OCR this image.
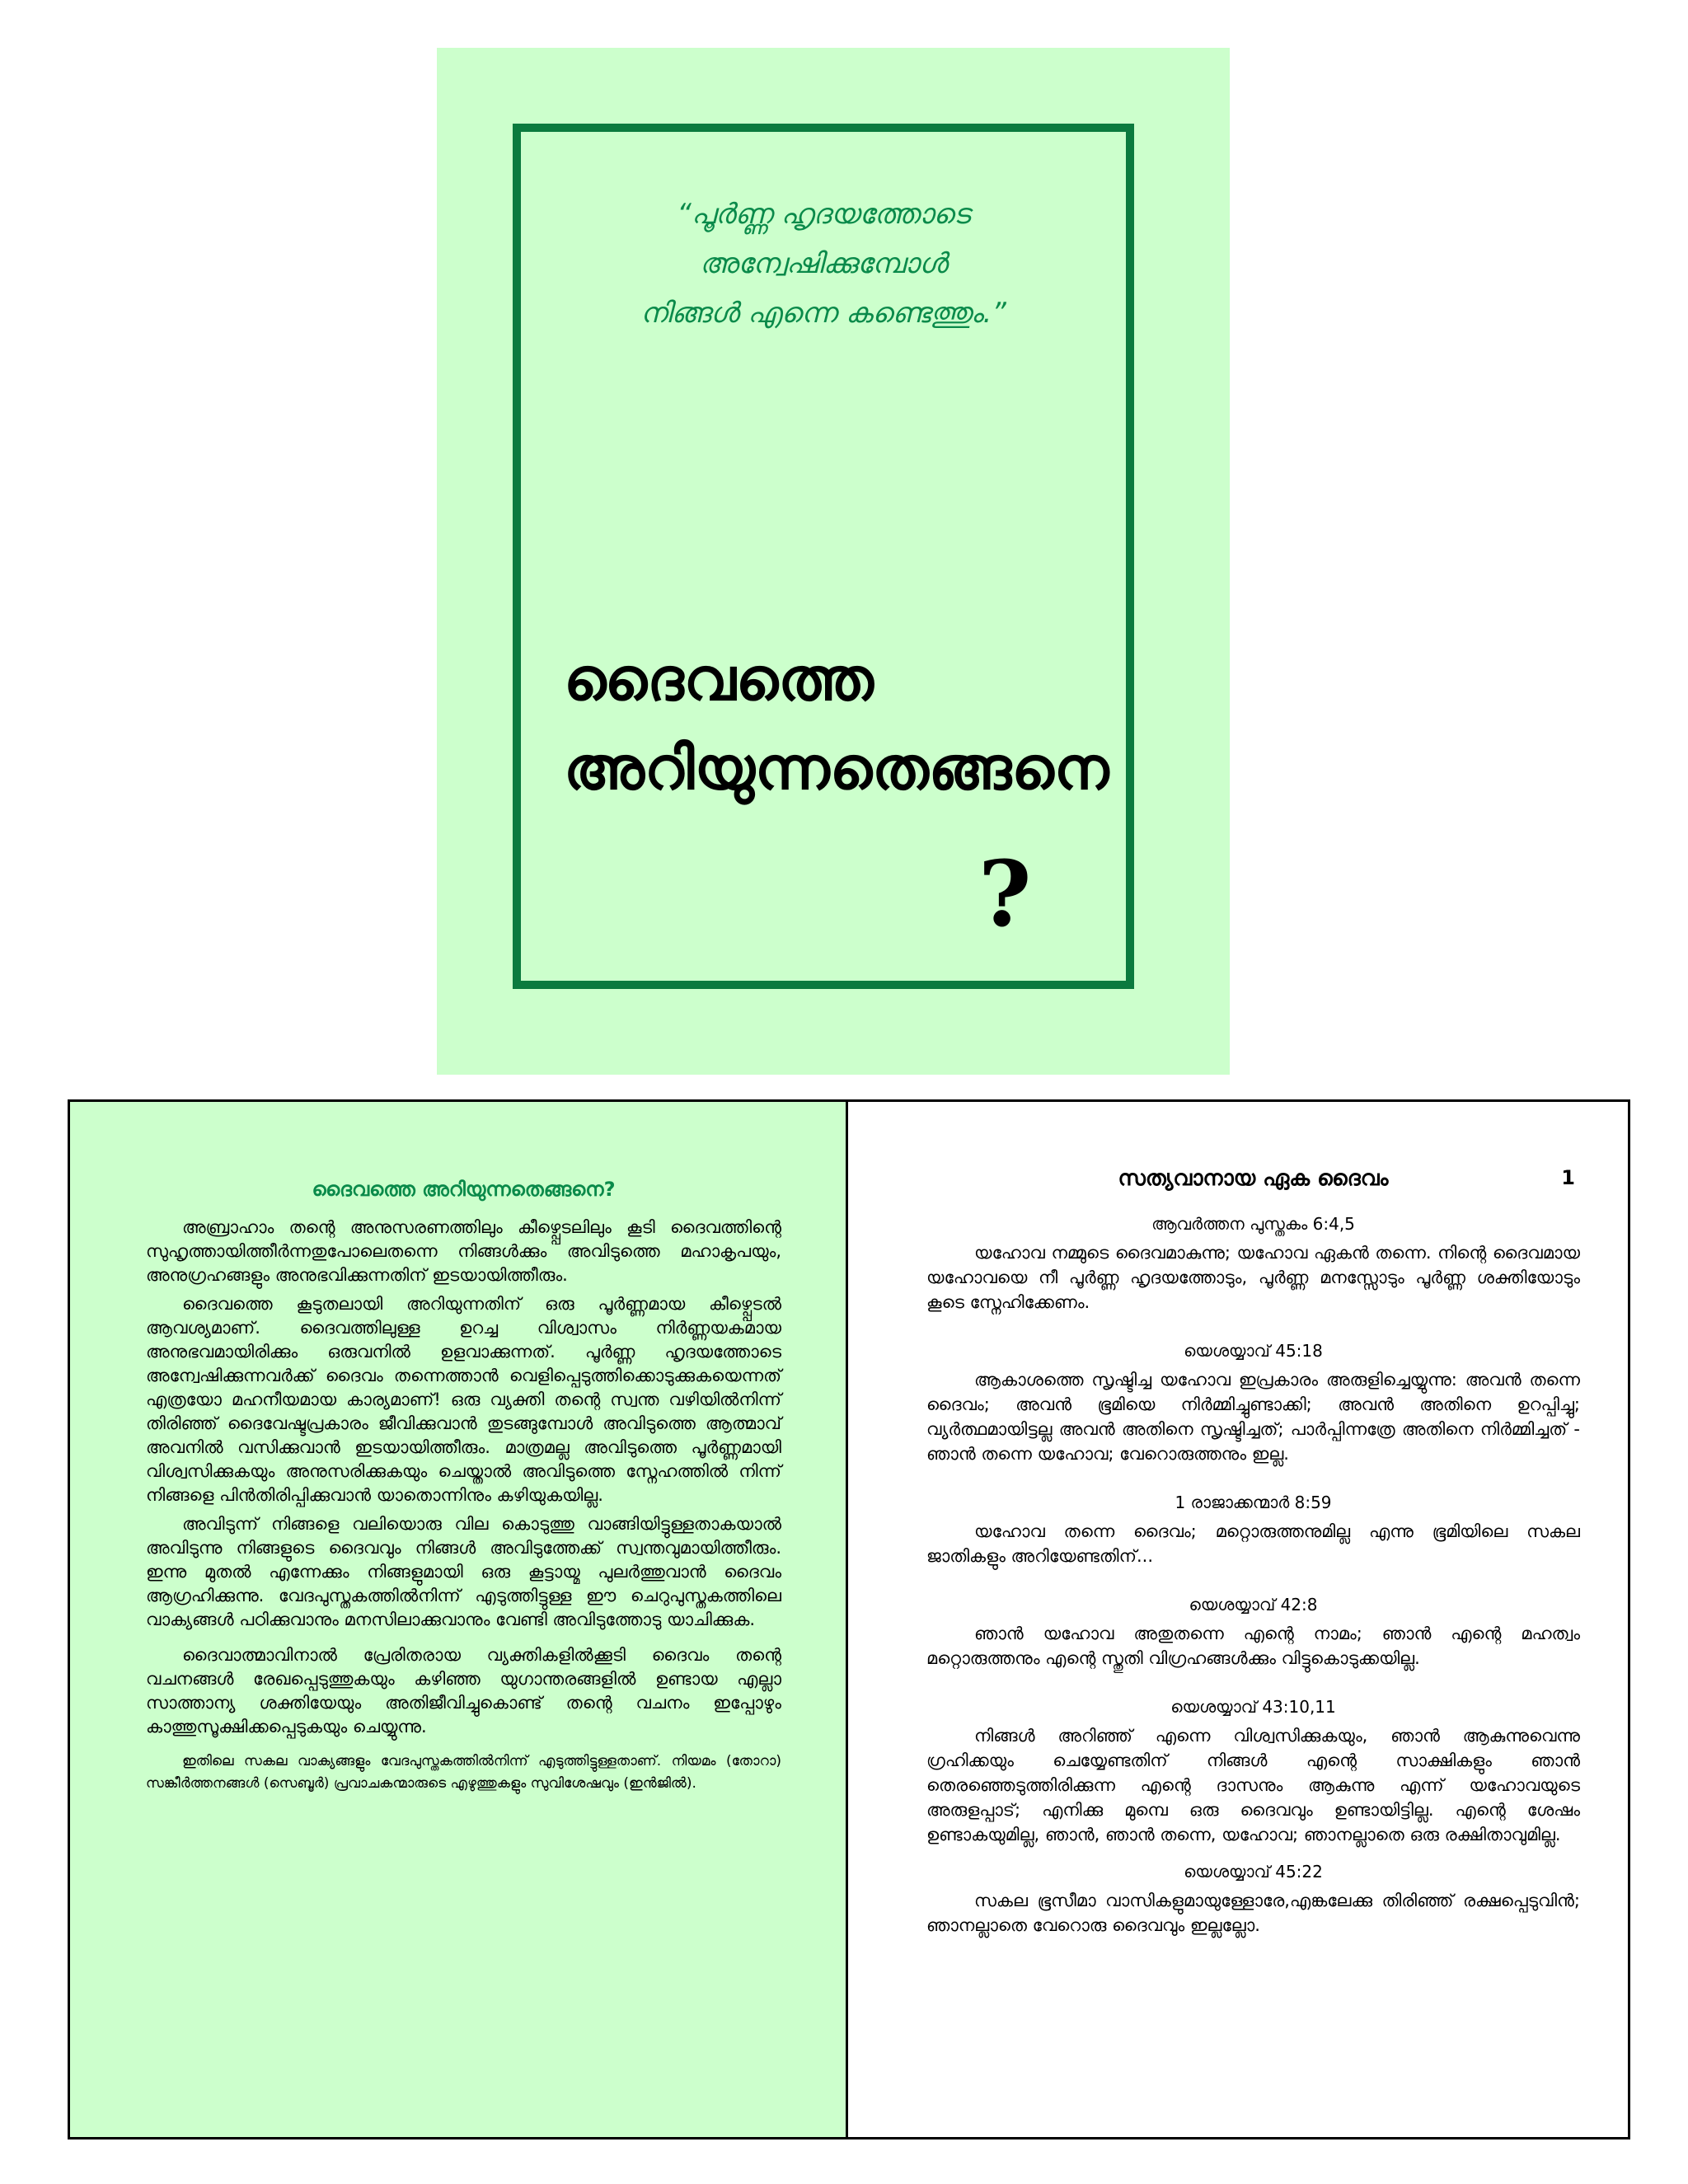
“പൂർണ്ണ ഹൃദയത്തോടെ
അന്വേഷിക്കുമ്പോൾ
നിങ്ങൾ എന്നെ കണ്ടെത്തും.”
ദൈവത്തെ
അറിയുന്നതെങ്ങനെ
?
ദൈവത്തെ അറിയുന്നതെങ്ങനെ?

അബ്രാഹാം തന്റെ അനുസരണത്തിലും കീഴ്പ്പെടലിലും കൂടി ദൈവത്തിന്റെ സുഹൃത്തായിത്തീർന്നതുപോലെതന്നെ നിങ്ങൾക്കും അവിടുത്തെ മഹാകൃപയും, അനുഗ്രഹങ്ങളും അനുഭവിക്കുന്നതിന് ഇടയായിത്തീരും.

ദൈവത്തെ കൂടുതലായി അറിയുന്നതിന് ഒരു പൂർണ്ണമായ കീഴ്പ്പെടൽ ആവശ്യമാണ്. ദൈവത്തിലുള്ള ഉറച്ച വിശ്വാസം നിർണ്ണയകമായ അനുഭവമായിരിക്കും ഒരുവനിൽ ഉളവാക്കുന്നത്. പൂർണ്ണ ഹൃദയത്തോടെ അന്വേഷിക്കുന്നവർക്ക് ദൈവം തന്നെത്താൻ വെളിപ്പെടുത്തിക്കൊടുക്കുകയെന്നത് എത്രയോ മഹനീയമായ കാര്യമാണ്! ഒരു വ്യക്തി തന്റെ സ്വന്ത വഴിയിൽനിന്ന് തിരിഞ്ഞ് ദൈവേഷ്ടപ്രകാരം ജീവിക്കുവാൻ തുടങ്ങുമ്പോൾ അവിടുത്തെ ആത്മാവ് അവനിൽ വസിക്കുവാൻ ഇടയായിത്തീരും. മാത്രമല്ല അവിടുത്തെ പൂർണ്ണമായി വിശ്വസിക്കുകയും അനുസരിക്കുകയും ചെയ്താൽ അവിടുത്തെ സ്നേഹത്തിൽ നിന്ന് നിങ്ങളെ പിൻതിരിപ്പിക്കുവാൻ യാതൊന്നിനും കഴിയുകയില്ല.

അവിടുന്ന് നിങ്ങളെ വലിയൊരു വില കൊടുത്തു വാങ്ങിയിട്ടുള്ളതാകയാൽ അവിടുന്നു നിങ്ങളുടെ ദൈവവും നിങ്ങൾ അവിടുത്തേക്ക് സ്വന്തവുമായിത്തീരും. ഇന്നു മുതൽ എന്നേക്കും നിങ്ങളുമായി ഒരു കൂട്ടായ്മ പുലർത്തുവാൻ ദൈവം ആഗ്രഹിക്കുന്നു. വേദപുസ്തകത്തിൽനിന്ന് എടുത്തിട്ടുള്ള ഈ ചെറുപുസ്തകത്തിലെ വാക്യങ്ങൾ പഠിക്കുവാനും മനസിലാക്കുവാനും വേണ്ടി അവിടുത്തോടു യാചിക്കുക.

ദൈവാത്മാവിനാൽ പ്രേരിതരായ വ്യക്തികളിൽക്കൂടി ദൈവം തന്റെ വചനങ്ങൾ രേഖപ്പെടുത്തുകയും കഴിഞ്ഞ യുഗാന്തരങ്ങളിൽ ഉണ്ടായ എല്ലാ സാത്താന്യ ശക്തിയേയും അതിജീവിച്ചുകൊണ്ട് തന്റെ വചനം ഇപ്പോഴും കാത്തുസൂക്ഷിക്കപ്പെടുകയും ചെയ്യുന്നു.

ഇതിലെ സകല വാക്യങ്ങളും വേദപുസ്തകത്തിൽനിന്ന് എടുത്തിട്ടുള്ളതാണ്. നിയമം (തോറാ) സങ്കീർത്തനങ്ങൾ (സെബൂർ) പ്രവാചകന്മാരുടെ എഴുത്തുകളും സുവിശേഷവും (ഇൻജിൽ).

സത്യവാനായ ഏക ദൈവം	1
ആവർത്തന പുസ്തകം 6:4,5

യഹോവ നമ്മുടെ ദൈവമാകുന്നു; യഹോവ ഏകൻ തന്നെ. നിന്റെ ദൈവമായ യഹോവയെ നീ പൂർണ്ണ ഹൃദയത്തോടും, പൂർണ്ണ മനസ്സോടും പൂർണ്ണ ശക്തിയോടും കൂടെ സ്നേഹിക്കേണം.

യെശയ്യാവ് 45:18

ആകാശത്തെ സൃഷ്ടിച്ച യഹോവ ഇപ്രകാരം അരുളിച്ചെയ്യുന്നു: അവൻ തന്നെ ദൈവം; അവൻ ഭൂമിയെ നിർമ്മിച്ചുണ്ടാക്കി; അവൻ അതിനെ ഉറപ്പിച്ചു; വ്യർത്ഥമായിട്ടല്ല അവൻ അതിനെ സൃഷ്ടിച്ചത്; പാർപ്പിന്നത്രേ അതിനെ നിർമ്മിച്ചത് - ഞാൻ തന്നെ യഹോവ; വേറൊരുത്തനും ഇല്ല.

1 രാജാക്കന്മാർ 8:59

യഹോവ തന്നെ ദൈവം; മറ്റൊരുത്തനുമില്ല എന്നു ഭൂമിയിലെ സകല ജാതികളും അറിയേണ്ടതിന്...

യെശയ്യാവ് 42:8

ഞാൻ യഹോവ അതുതന്നെ എന്റെ നാമം; ഞാൻ എന്റെ മഹത്വം മറ്റൊരുത്തനും എന്റെ സ്തുതി വിഗ്രഹങ്ങൾക്കും വിട്ടുകൊടുക്കയില്ല.

യെശയ്യാവ് 43:10,11

നിങ്ങൾ അറിഞ്ഞ് എന്നെ വിശ്വസിക്കുകയും, ഞാൻ ആകുന്നുവെന്നു ഗ്രഹിക്കയും ചെയ്യേണ്ടതിന് നിങ്ങൾ എന്റെ സാക്ഷികളും ഞാൻ തെരഞ്ഞെടുത്തിരിക്കുന്ന എന്റെ ദാസനും ആകുന്നു എന്ന് യഹോവയുടെ അരുളപ്പാട്; എനിക്കു മുമ്പെ ഒരു ദൈവവും ഉണ്ടായിട്ടില്ല. എന്റെ ശേഷം ഉണ്ടാകയുമില്ല, ഞാൻ, ഞാൻ തന്നെ, യഹോവ; ഞാനല്ലാതെ ഒരു രക്ഷിതാവുമില്ല.

യെശയ്യാവ് 45:22

സകല ഭൂസീമാ വാസികളുമായുള്ളോരേ,എങ്കലേക്കു തിരിഞ്ഞ് രക്ഷപ്പെടുവിൻ; ഞാനല്ലാതെ വേറൊരു ദൈവവും ഇല്ലല്ലോ.
